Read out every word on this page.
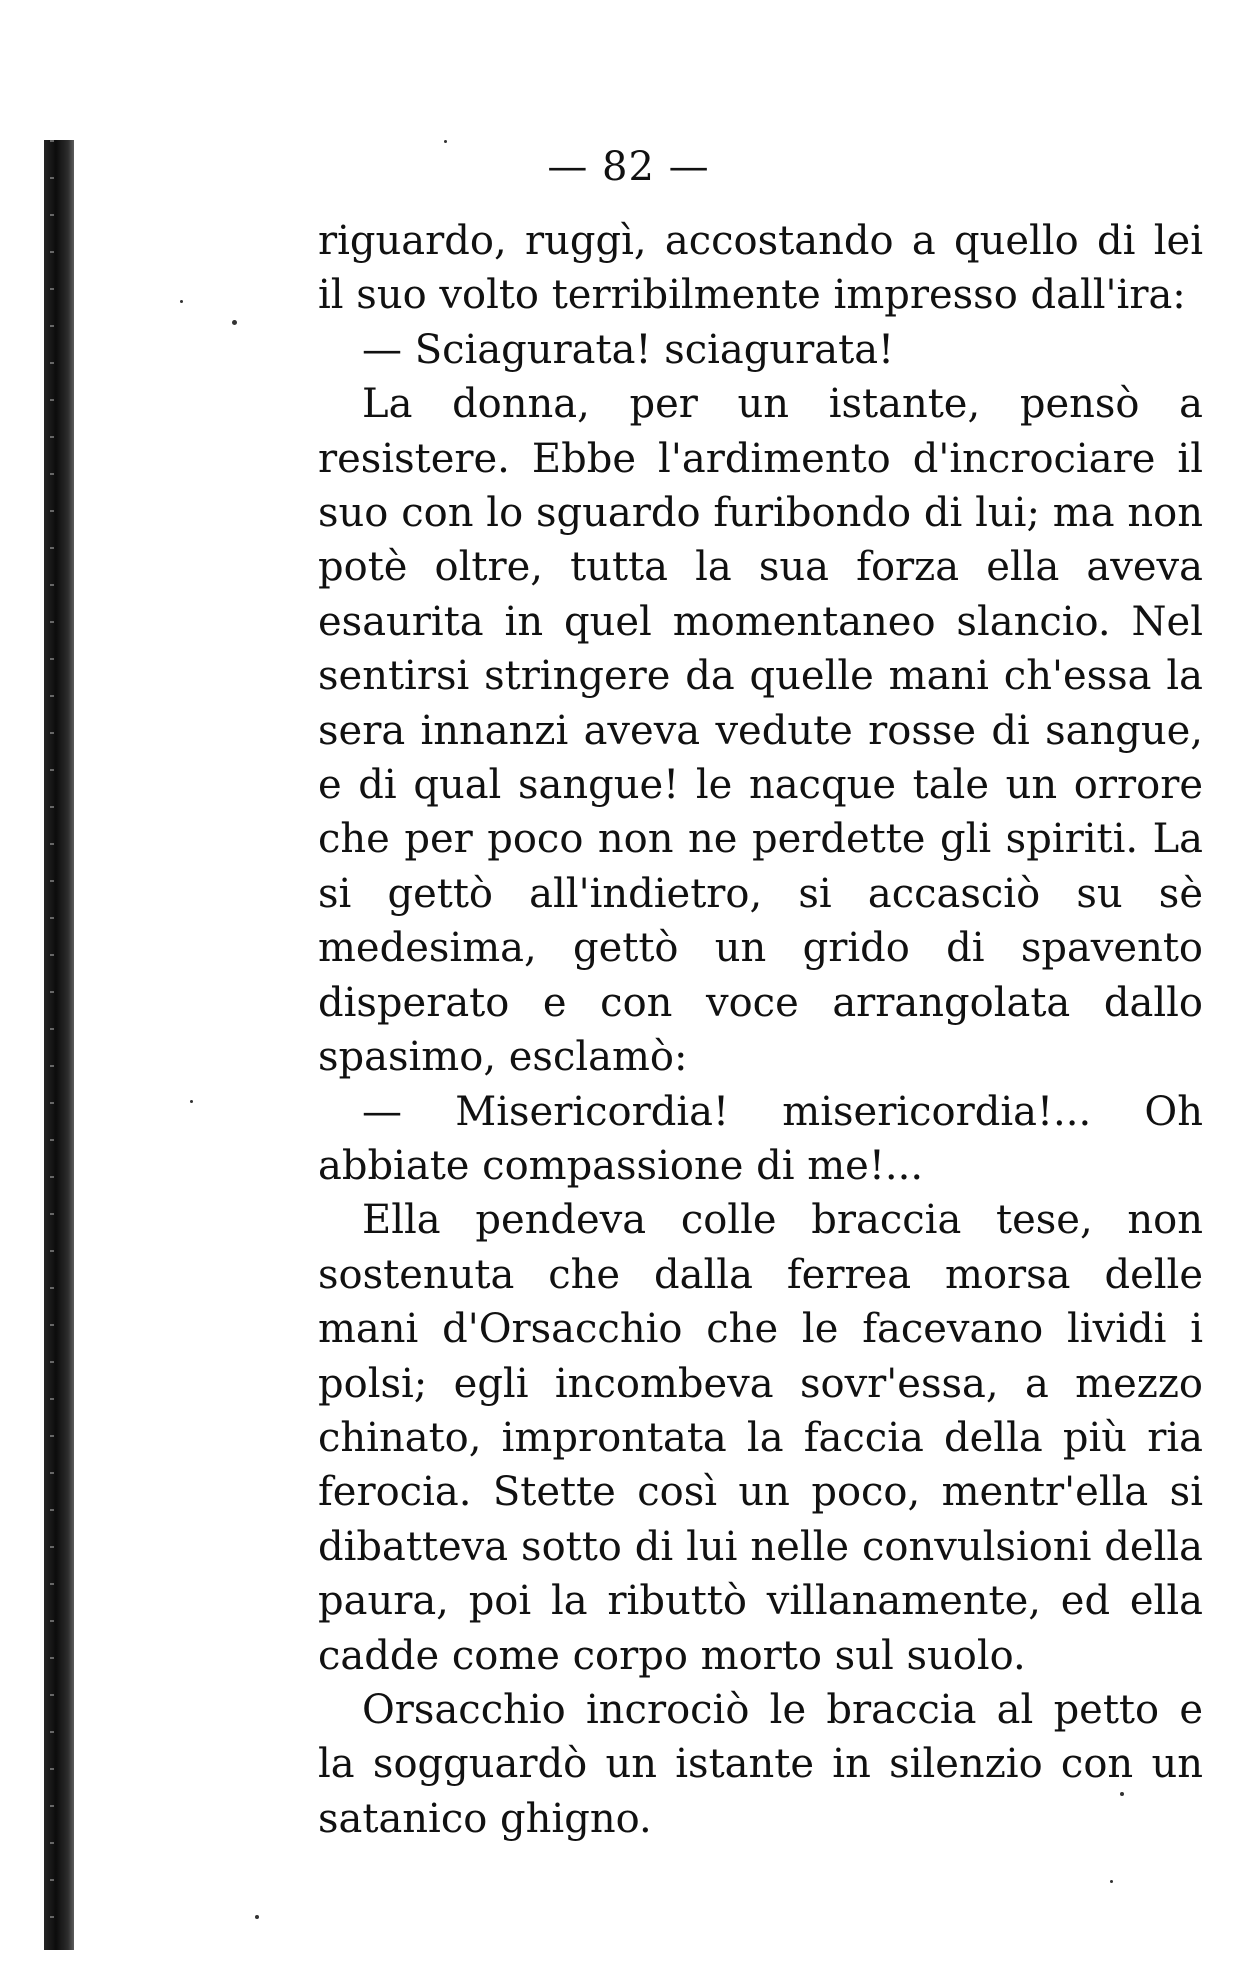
— 82 —

riguardo, ruggì, accostando a quello di lei il suo volto terribilmente impresso dall'ira:

— Sciagurata! sciagurata!

La donna, per un istante, pensò a resistere. Ebbe l'ardimento d'incrociare il suo con lo sguardo furibondo di lui; ma non potè oltre, tutta la sua forza ella aveva esaurita in quel momentaneo slancio. Nel sentirsi stringere da quelle mani ch'essa la sera innanzi aveva vedute rosse di sangue, e di qual sangue! le nacque tale un orrore che per poco non ne perdette gli spiriti. La si gettò all'indietro, si accasciò su sè medesima, gettò un grido di spavento disperato e con voce arrangolata dallo spasimo, esclamò:

— Misericordia! misericordia!... Oh abbiate compassione di me!...

Ella pendeva colle braccia tese, non sostenuta che dalla ferrea morsa delle mani d'Orsacchio che le facevano lividi i polsi; egli incombeva sovr'essa, a mezzo chinato, improntata la faccia della più ria ferocia. Stette così un poco, mentr'ella si dibatteva sotto di lui nelle convulsioni della paura, poi la ributtò villanamente, ed ella cadde come corpo morto sul suolo.

Orsacchio incrociò le braccia al petto e la sogguardò un istante in silenzio con un satanico ghigno.
